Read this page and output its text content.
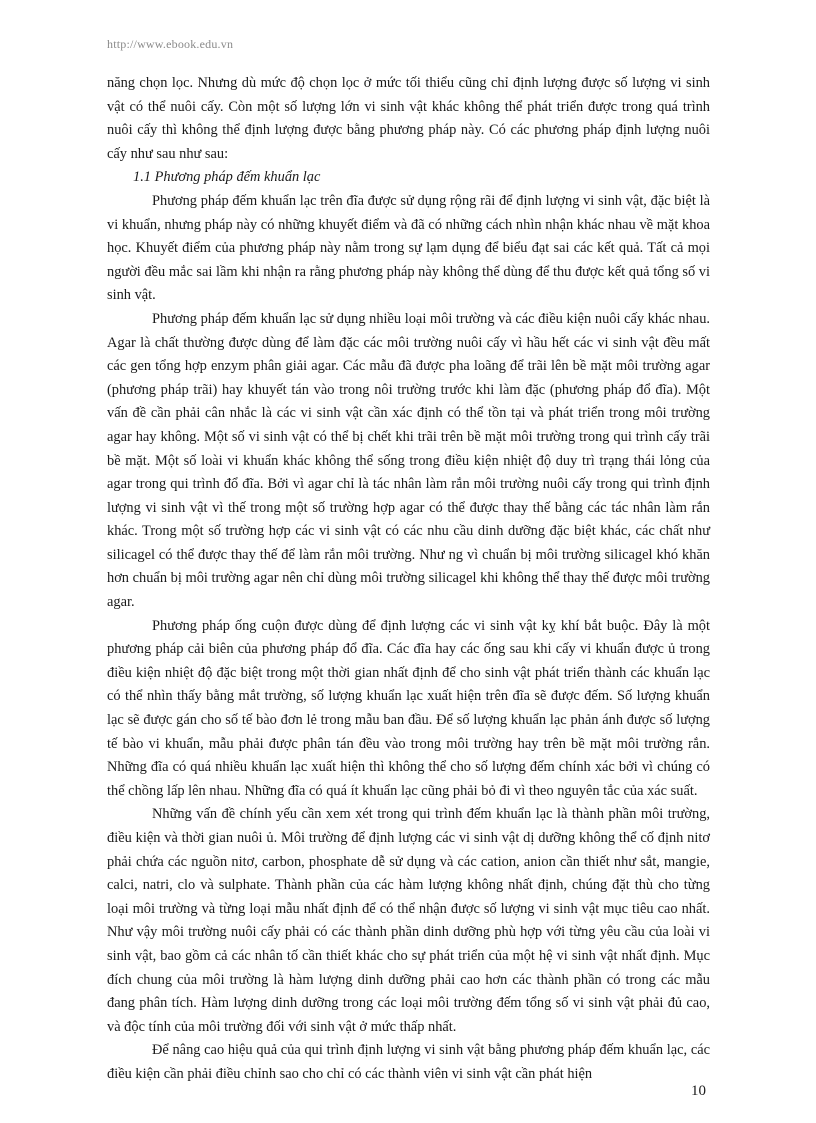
http://www.ebook.edu.vn

năng chọn lọc. Nhưng dù mức độ chọn lọc ở mức tối thiểu cũng chỉ định lượng được số lượng vi sinh vật có thể nuôi cấy. Còn một số lượng lớn vi sinh vật khác không thể phát triển được trong quá trình nuôi cấy thì không thể định lượng được bằng phương pháp này. Có các phương pháp định lượng nuôi cấy như sau như sau:

1.1 Phương pháp đếm khuẩn lạc

Phương pháp đếm khuẩn lạc trên đĩa được sử dụng rộng rãi để định lượng vi sinh vật, đặc biệt là vi khuẩn, nhưng pháp này có những khuyết điểm và đã có những cách nhìn nhận khác nhau về mặt khoa học. Khuyết điểm của phương pháp này nằm trong sự lạm dụng để biểu đạt sai các kết quả. Tất cả mọi người đều mắc sai lầm khi nhận ra rằng phương pháp này không thể dùng để thu được kết quả tổng số vi sinh vật.

Phương pháp đếm khuẩn lạc sử dụng nhiều loại môi trường và các điều kiện nuôi cấy khác nhau. Agar là chất thường được dùng để làm đặc các môi trường nuôi cấy vì hầu hết các vi sinh vật đều mất các gen tổng hợp enzym phân giải agar. Các mẫu đã được pha loãng để trãi lên bề mặt môi trường agar (phương pháp trãi) hay khuyết tán vào trong nôi trường trước khi làm đặc (phương pháp đổ đĩa). Một vấn đề cần phải cân nhắc là các vi sinh vật cần xác định có thể tồn tại và phát triển trong môi trường agar hay không. Một số vi sinh vật có thể bị chết khi trãi trên bề mặt môi trường trong qui trình cấy trãi bề mặt. Một số loài vi khuẩn khác không thể sống trong điều kiện nhiệt độ duy trì trạng thái lỏng của agar trong qui trình đổ đĩa. Bởi vì agar chỉ là tác nhân làm rắn môi trường nuôi cấy trong qui trình định lượng vi sinh vật vì thế trong một số trường hợp agar có thể được thay thế bằng các tác nhân làm rắn khác. Trong một số trường hợp các vi sinh vật có các nhu cầu dinh dưỡng đặc biệt khác, các chất như silicagel có thể được thay thế để làm rắn môi trường. Như ng vì chuẩn bị môi trường silicagel khó khăn hơn chuẩn bị môi trường agar nên chỉ dùng môi trường silicagel khi không thể thay thế được môi trường agar.

Phương pháp ống cuộn được dùng để định lượng các vi sinh vật kỵ khí bắt buộc. Đây là một phương pháp cải biên của phương pháp đổ đĩa. Các đĩa hay các ống sau khi cấy vi khuẩn được ủ trong điều kiện nhiệt độ đặc biệt trong một thời gian nhất định để cho sinh vật phát triển thành các khuẩn lạc có thể nhìn thấy bằng mắt trường, số lượng khuẩn lạc xuất hiện trên đĩa sẽ được đếm. Số lượng khuẩn lạc sẽ được gán cho số tế bào đơn lẻ trong mẫu ban đầu. Để số lượng khuẩn lạc phản ánh được số lượng tế bào vi khuẩn, mẫu phải được phân tán đều vào trong môi trường hay trên bề mặt môi trường rắn. Những đĩa có quá nhiều khuẩn lạc xuất hiện thì không thể cho số lượng đếm chính xác bởi vì chúng có thể chồng lấp lên nhau. Những đĩa có quá ít khuẩn lạc cũng phải bỏ đi vì theo nguyên tắc của xác suất.

Những vấn đề chính yếu cần xem xét trong qui trình đếm khuẩn lạc là thành phần môi trường, điều kiện và thời gian nuôi ủ. Môi trường để định lượng các vi sinh vật dị dưỡng không thể cố định nitơ phải chứa các nguồn nitơ, carbon, phosphate dễ sử dụng và các cation, anion cần thiết như sắt, mangie, calci, natri, clo và sulphate. Thành phần của các hàm lượng không nhất định, chúng đặt thù cho từng loại môi trường và từng loại mẫu nhất định để có thể nhận được số lượng vi sinh vật mục tiêu cao nhất. Như vậy môi trường nuôi cấy phải có các thành phần dinh dưỡng phù hợp với từng yêu cầu của loài vi sinh vật, bao gồm cả các nhân tố cần thiết khác cho sự phát triển của một hệ vi sinh vật nhất định. Mục đích chung của môi trường là hàm lượng dinh dưỡng phải cao hơn các thành phần có trong các mẫu đang phân tích. Hàm lượng dinh dưỡng trong các loại môi trường đếm tổng số vi sinh vật phải đủ cao, và độc tính của môi trường đối với sinh vật ở mức thấp nhất.

Để nâng cao hiệu quả của qui trình định lượng vi sinh vật bằng phương pháp đếm khuẩn lạc, các điều kiện cần phải điều chỉnh sao cho chỉ có các thành viên vi sinh vật cần phát hiện

10
